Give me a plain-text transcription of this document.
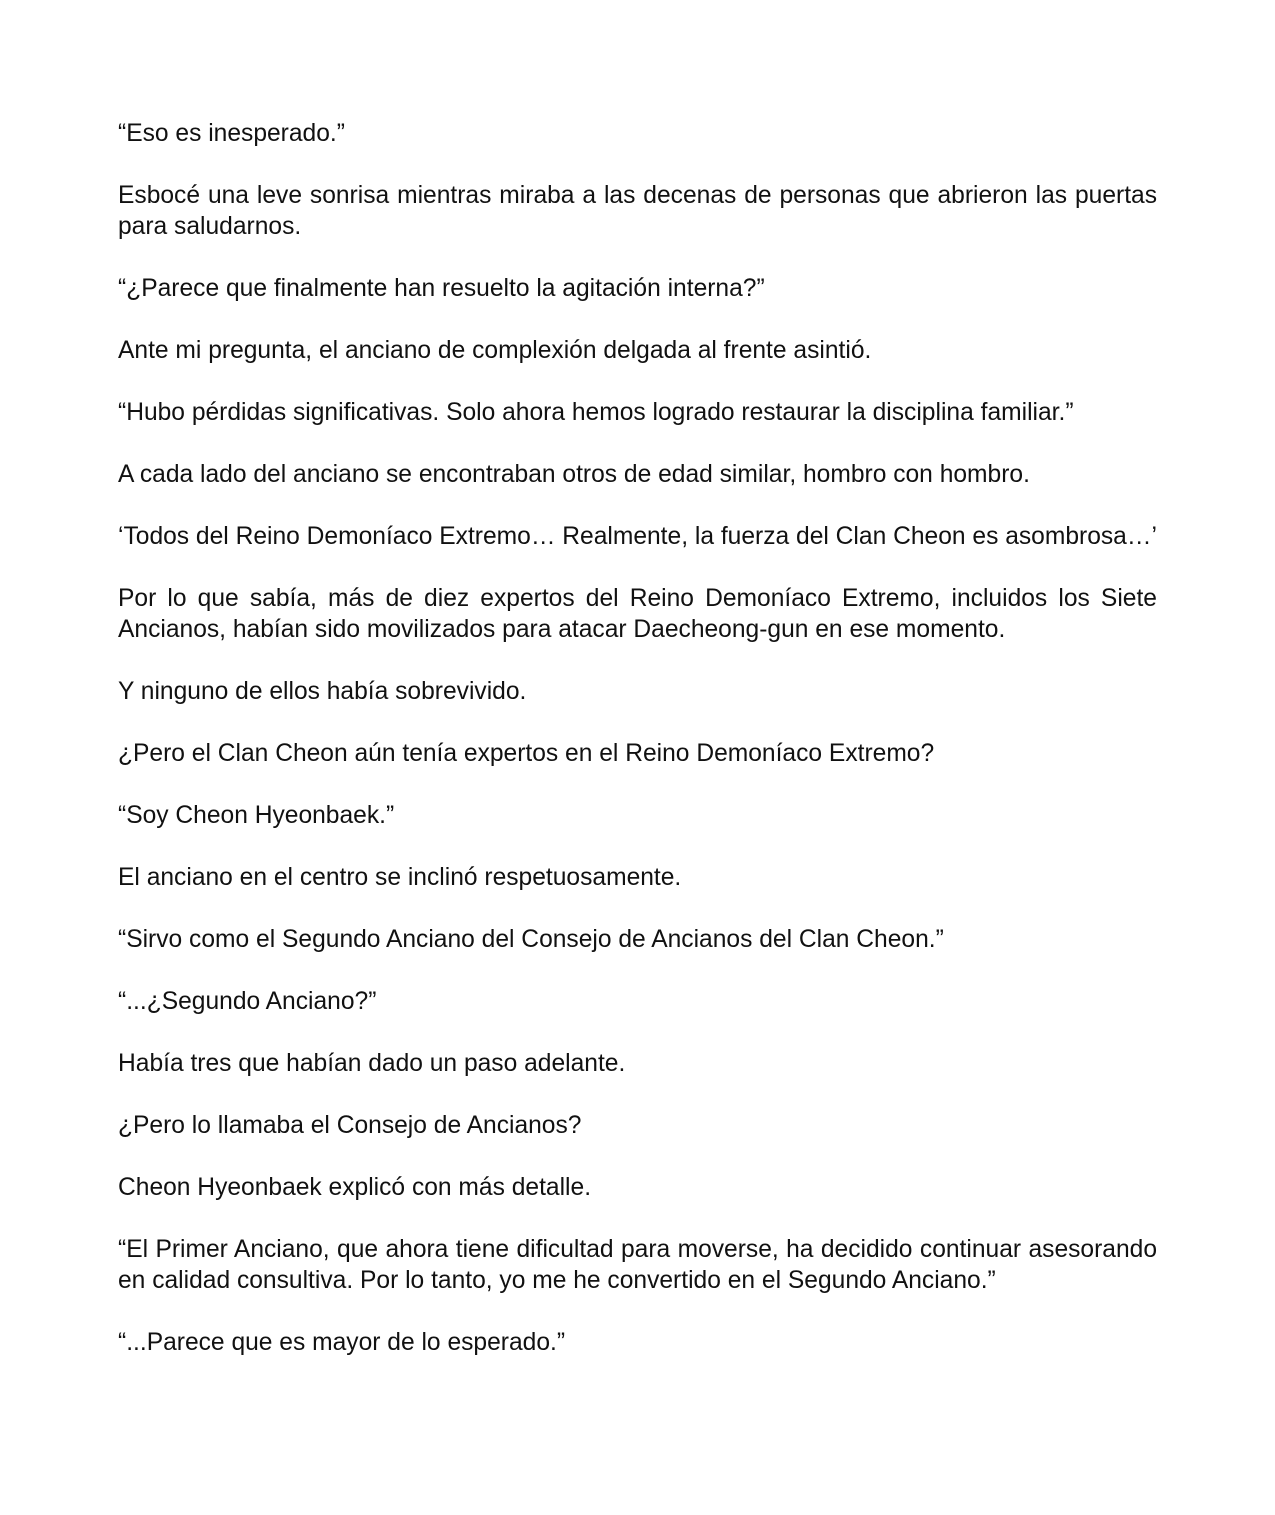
“Eso es inesperado.”

Esbocé una leve sonrisa mientras miraba a las decenas de personas que abrieron las puertas para saludarnos.

“¿Parece que finalmente han resuelto la agitación interna?”

Ante mi pregunta, el anciano de complexión delgada al frente asintió.

“Hubo pérdidas significativas. Solo ahora hemos logrado restaurar la disciplina familiar.”

A cada lado del anciano se encontraban otros de edad similar, hombro con hombro.

‘Todos del Reino Demoníaco Extremo… Realmente, la fuerza del Clan Cheon es asombrosa…’

Por lo que sabía, más de diez expertos del Reino Demoníaco Extremo, incluidos los Siete Ancianos, habían sido movilizados para atacar Daecheong-gun en ese momento.

Y ninguno de ellos había sobrevivido.

¿Pero el Clan Cheon aún tenía expertos en el Reino Demoníaco Extremo?

“Soy Cheon Hyeonbaek.”

El anciano en el centro se inclinó respetuosamente.

“Sirvo como el Segundo Anciano del Consejo de Ancianos del Clan Cheon.”

“...¿Segundo Anciano?”

Había tres que habían dado un paso adelante.

¿Pero lo llamaba el Consejo de Ancianos?

Cheon Hyeonbaek explicó con más detalle.

“El Primer Anciano, que ahora tiene dificultad para moverse, ha decidido continuar asesorando en calidad consultiva. Por lo tanto, yo me he convertido en el Segundo Anciano.”

“...Parece que es mayor de lo esperado.”
